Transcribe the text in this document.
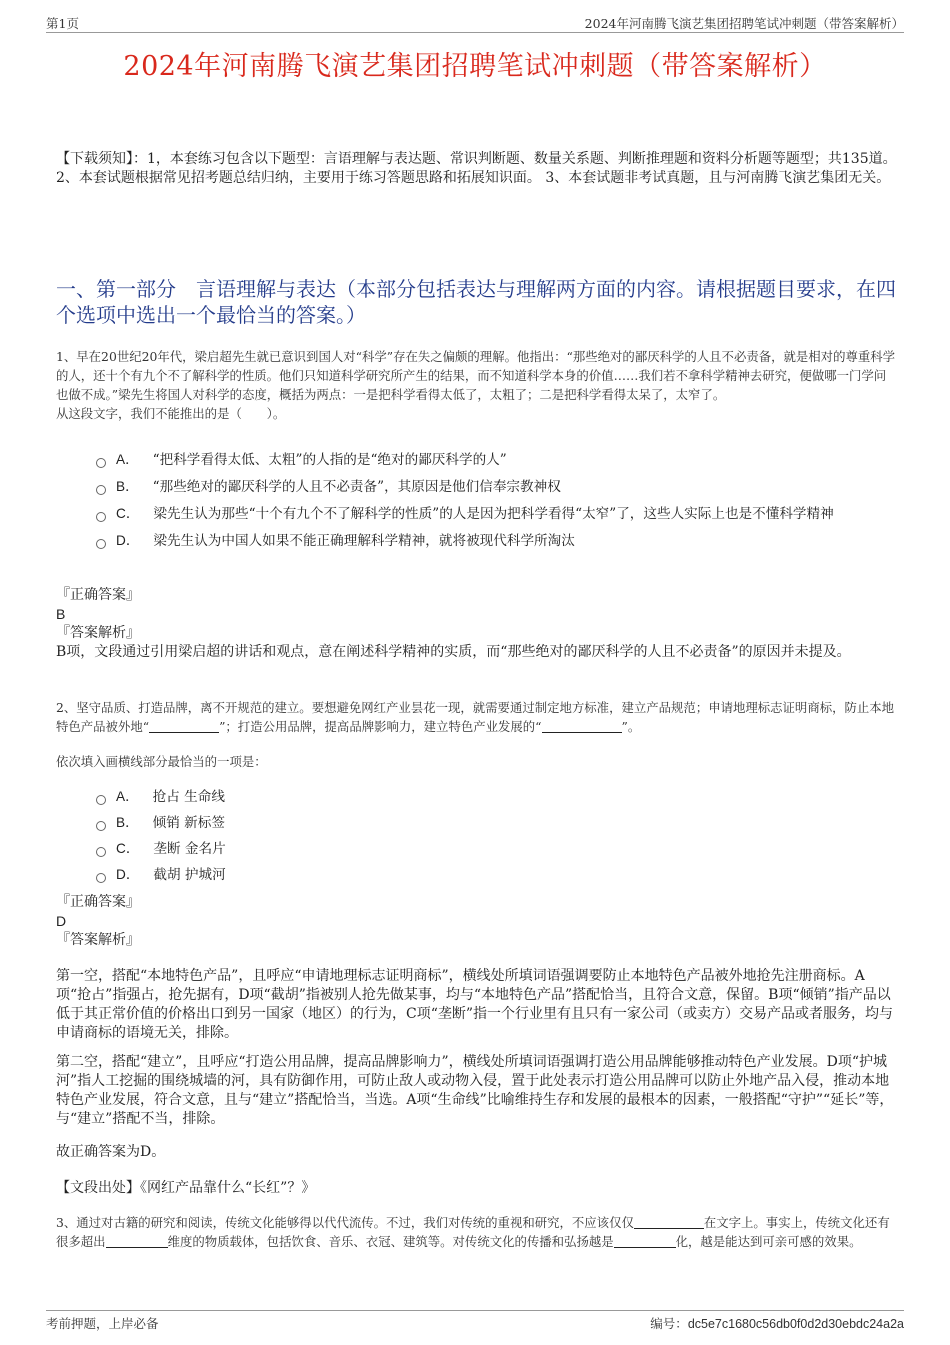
第1页	2024年河南腾飞演艺集团招聘笔试冲刺题（带答案解析）
2024年河南腾飞演艺集团招聘笔试冲刺题（带答案解析）
【下载须知】：1，本套练习包含以下题型：言语理解与表达题、常识判断题、数量关系题、判断推理题和资料分析题等题型；共135道。 2、本套试题根据常见招考题总结归纳，主要用于练习答题思路和拓展知识面。 3、本套试题非考试真题，且与河南腾飞演艺集团无关。
一、第一部分　言语理解与表达（本部分包括表达与理解两方面的内容。请根据题目要求，在四个选项中选出一个最恰当的答案。）
1、早在20世纪20年代，梁启超先生就已意识到国人对“科学”存在失之偏颇的理解。他指出：“那些绝对的鄙厌科学的人且不必责备，就是相对的尊重科学的人，还十个有九个不了解科学的性质。他们只知道科学研究所产生的结果，而不知道科学本身的价值……我们若不拿科学精神去研究，便做哪一门学问也做不成。”梁先生将国人对科学的态度，概括为两点：一是把科学看得太低了，太粗了；二是把科学看得太呆了，太窄了。
从这段文字，我们不能推出的是（　　）。
A． “把科学看得太低、太粗”的人指的是“绝对的鄙厌科学的人”
B． “那些绝对的鄙厌科学的人且不必责备”，其原因是他们信奉宗教神权
C． 梁先生认为那些“十个有九个不了解科学的性质”的人是因为把科学看得“太窄”了，这些人实际上也是不懂科学精神
D． 梁先生认为中国人如果不能正确理解科学精神，就将被现代科学所淘汰
『正确答案』
B
『答案解析』
B项，文段通过引用梁启超的讲话和观点，意在阐述科学精神的实质，而“那些绝对的鄙厌科学的人且不必责备”的原因并未提及。
2、坚守品质、打造品牌，离不开规范的建立。要想避免网红产业昙花一现，就需要通过制定地方标准，建立产品规范；申请地理标志证明商标，防止本地特色产品被外地“	”；打造公用品牌，提高品牌影响力，建立特色产业发展的“	”。
依次填入画横线部分最恰当的一项是：
A． 抢占 生命线
B． 倾销 新标签
C． 垄断 金名片
D． 截胡 护城河
『正确答案』
D
『答案解析』
第一空，搭配“本地特色产品”，且呼应“申请地理标志证明商标”，横线处所填词语强调要防止本地特色产品被外地抢先注册商标。A项“抢占”指强占，抢先据有，D项“截胡”指被别人抢先做某事，均与“本地特色产品”搭配恰当，且符合文意，保留。B项“倾销”指产品以低于其正常价值的价格出口到另一国家（地区）的行为，C项“垄断”指一个行业里有且只有一家公司（或卖方）交易产品或者服务，均与申请商标的语境无关，排除。
第二空，搭配“建立”，且呼应“打造公用品牌，提高品牌影响力”，横线处所填词语强调打造公用品牌能够推动特色产业发展。D项“护城河”指人工挖掘的围绕城墙的河，具有防御作用，可防止敌人或动物入侵，置于此处表示打造公用品牌可以防止外地产品入侵，推动本地特色产业发展，符合文意，且与“建立”搭配恰当，当选。A项“生命线”比喻维持生存和发展的最根本的因素，一般搭配“守护”“延长”等，与“建立”搭配不当，排除。
故正确答案为D。
【文段出处】《网红产品靠什么“长红”？》
3、通过对古籍的研究和阅读，传统文化能够得以代代流传。不过，我们对传统的重视和研究，不应该仅仅	在文字上。事实上，传统文化还有很多超出	维度的物质载体，包括饮食、音乐、衣冠、建筑等。对传统文化的传播和弘扬越是	化，越是能达到可亲可感的效果。
考前押题，上岸必备	编号：dc5e7c1680c56db0f0d2d30ebdc24a2a
